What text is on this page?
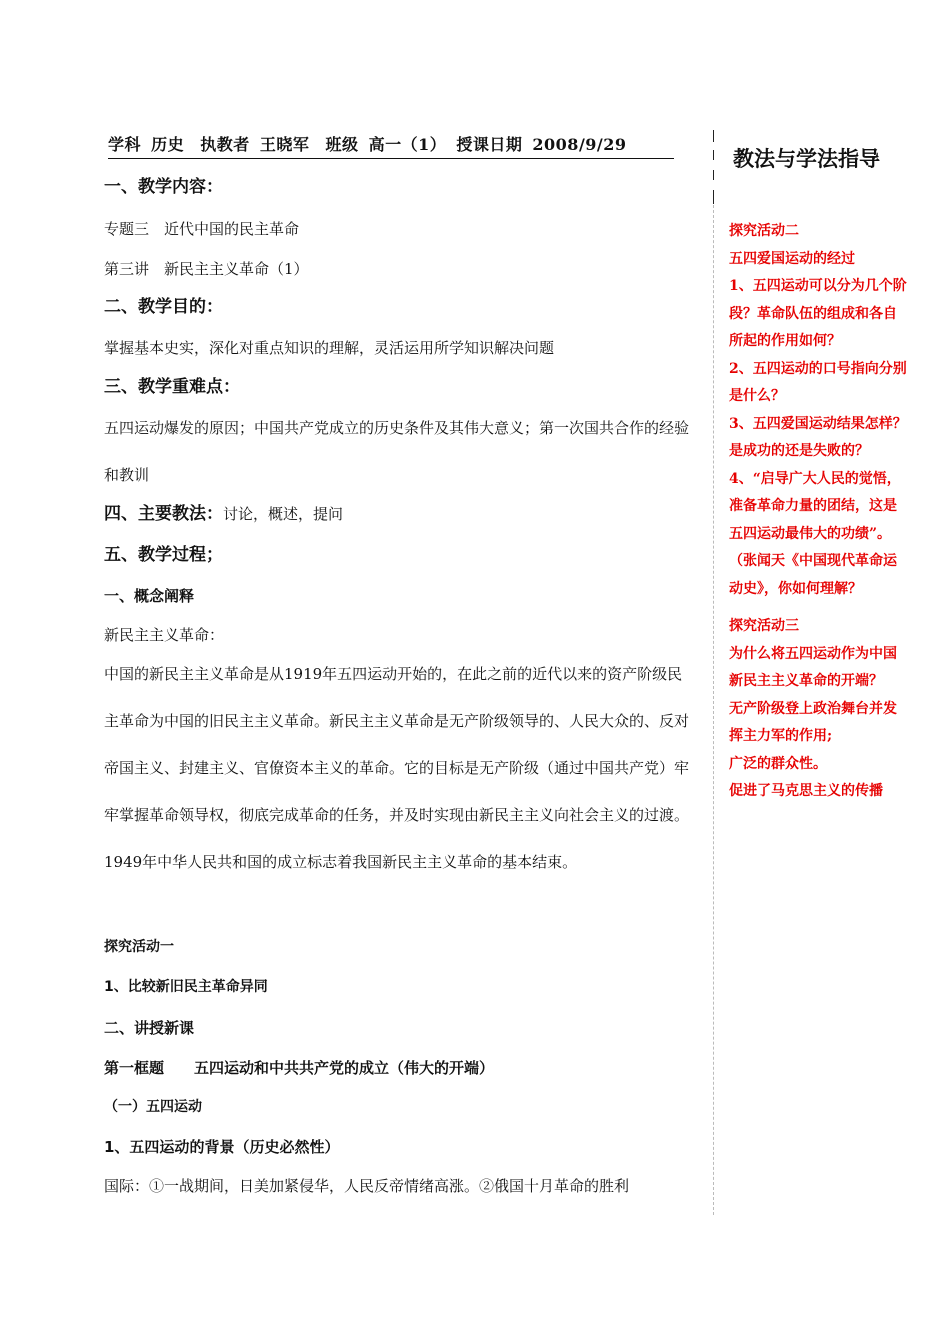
学科 历史 执教者 王晓军 班级 高一（1） 授课日期 2008/9/29

一、教学内容：

专题三　近代中国的民主革命

第三讲　新民主主义革命（1）

二、教学目的：

掌握基本史实，深化对重点知识的理解，灵活运用所学知识解决问题

三、教学重难点：

五四运动爆发的原因；中国共产党成立的历史条件及其伟大意义；第一次国共合作的经验和教训

四、主要教法：讨论，概述，提问

五、教学过程；

一、概念阐释

新民主主义革命：

中国的新民主主义革命是从1919年五四运动开始的，在此之前的近代以来的资产阶级民主革命为中国的旧民主主义革命。新民主主义革命是无产阶级领导的、人民大众的、反对帝国主义、封建主义、官僚资本主义的革命。它的目标是无产阶级（通过中国共产党）牢牢掌握革命领导权，彻底完成革命的任务，并及时实现由新民主主义向社会主义的过渡。1949年中华人民共和国的成立标志着我国新民主主义革命的基本结束。

探究活动一

1、比较新旧民主革命异同

二、讲授新课

第一框题　　五四运动和中共共产党的成立（伟大的开端）

（一）五四运动

1、五四运动的背景（历史必然性）

国际：①一战期间，日美加紧侵华，人民反帝情绪高涨。②俄国十月革命的胜利

教法与学法指导

探究活动二

五四爱国运动的经过

1、五四运动可以分为几个阶段？革命队伍的组成和各自所起的作用如何？

2、五四运动的口号指向分别是什么？

3、五四爱国运动结果怎样？是成功的还是失败的？

4、“启导广大人民的觉悟，准备革命力量的团结，这是五四运动最伟大的功绩”。（张闻天《中国现代革命运动史》，你如何理解？

探究活动三

为什么将五四运动作为中国新民主主义革命的开端？

无产阶级登上政治舞台并发挥主力军的作用;

广泛的群众性。

促进了马克思主义的传播
